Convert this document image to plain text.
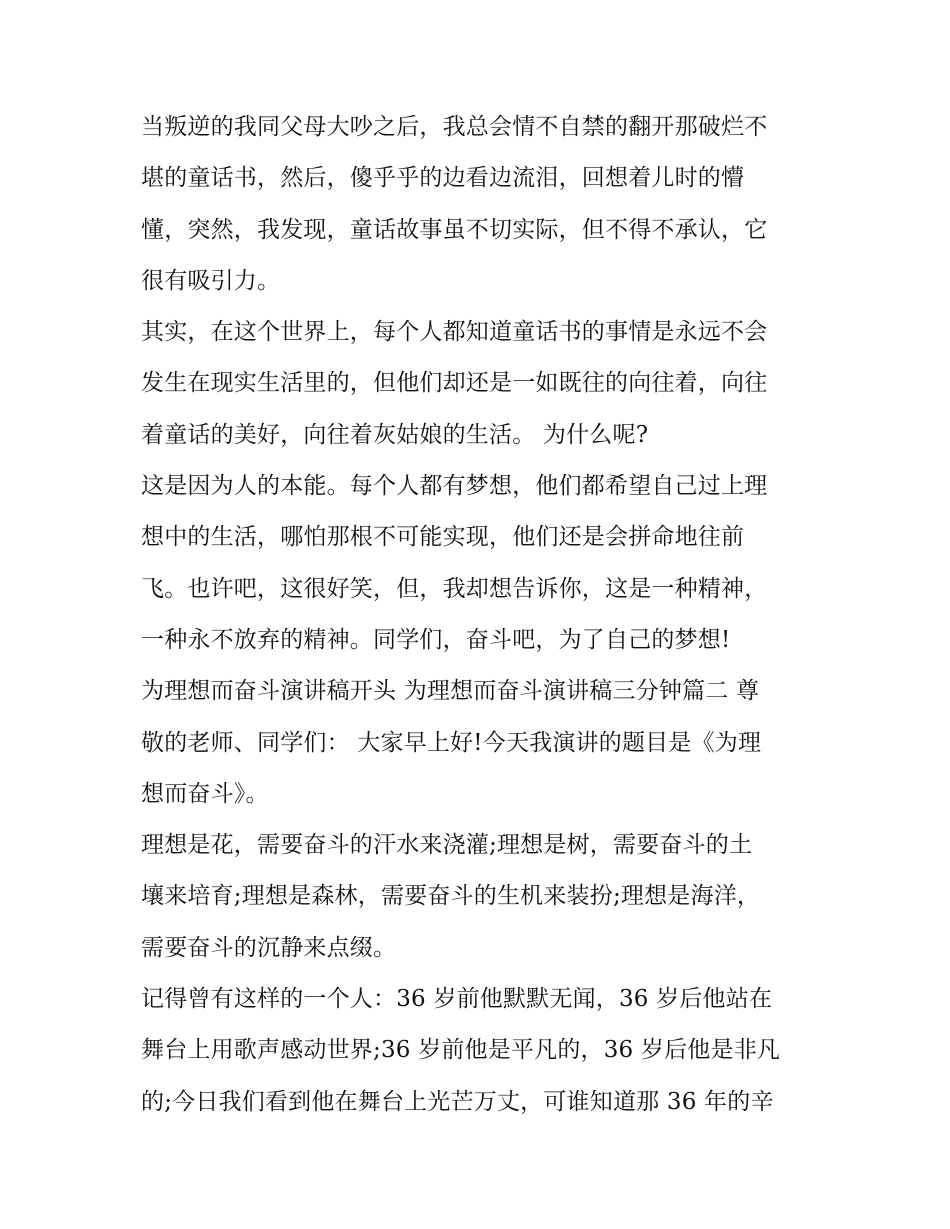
当叛逆的我同父母大吵之后，我总会情不自禁的翻开那破烂不
堪的童话书，然后，傻乎乎的边看边流泪，回想着儿时的懵
懂，突然，我发现，童话故事虽不切实际，但不得不承认，它
很有吸引力。
其实，在这个世界上，每个人都知道童话书的事情是永远不会
发生在现实生活里的，但他们却还是一如既往的向往着，向往
着童话的美好，向往着灰姑娘的生活。 为什么呢?
这是因为人的本能。每个人都有梦想，他们都希望自己过上理
想中的生活，哪怕那根不可能实现，他们还是会拼命地往前
飞。也许吧，这很好笑，但，我却想告诉你，这是一种精神，
一种永不放弃的精神。同学们，奋斗吧，为了自己的梦想!
为理想而奋斗演讲稿开头 为理想而奋斗演讲稿三分钟篇二 尊
敬的老师、同学们： 大家早上好!今天我演讲的题目是《为理
想而奋斗》。
理想是花，需要奋斗的汗水来浇灌;理想是树，需要奋斗的土
壤来培育;理想是森林，需要奋斗的生机来装扮;理想是海洋，
需要奋斗的沉静来点缀。
记得曾有这样的一个人：36 岁前他默默无闻，36 岁后他站在
舞台上用歌声感动世界;36 岁前他是平凡的，36 岁后他是非凡
的;今日我们看到他在舞台上光芒万丈，可谁知道那 36 年的辛
